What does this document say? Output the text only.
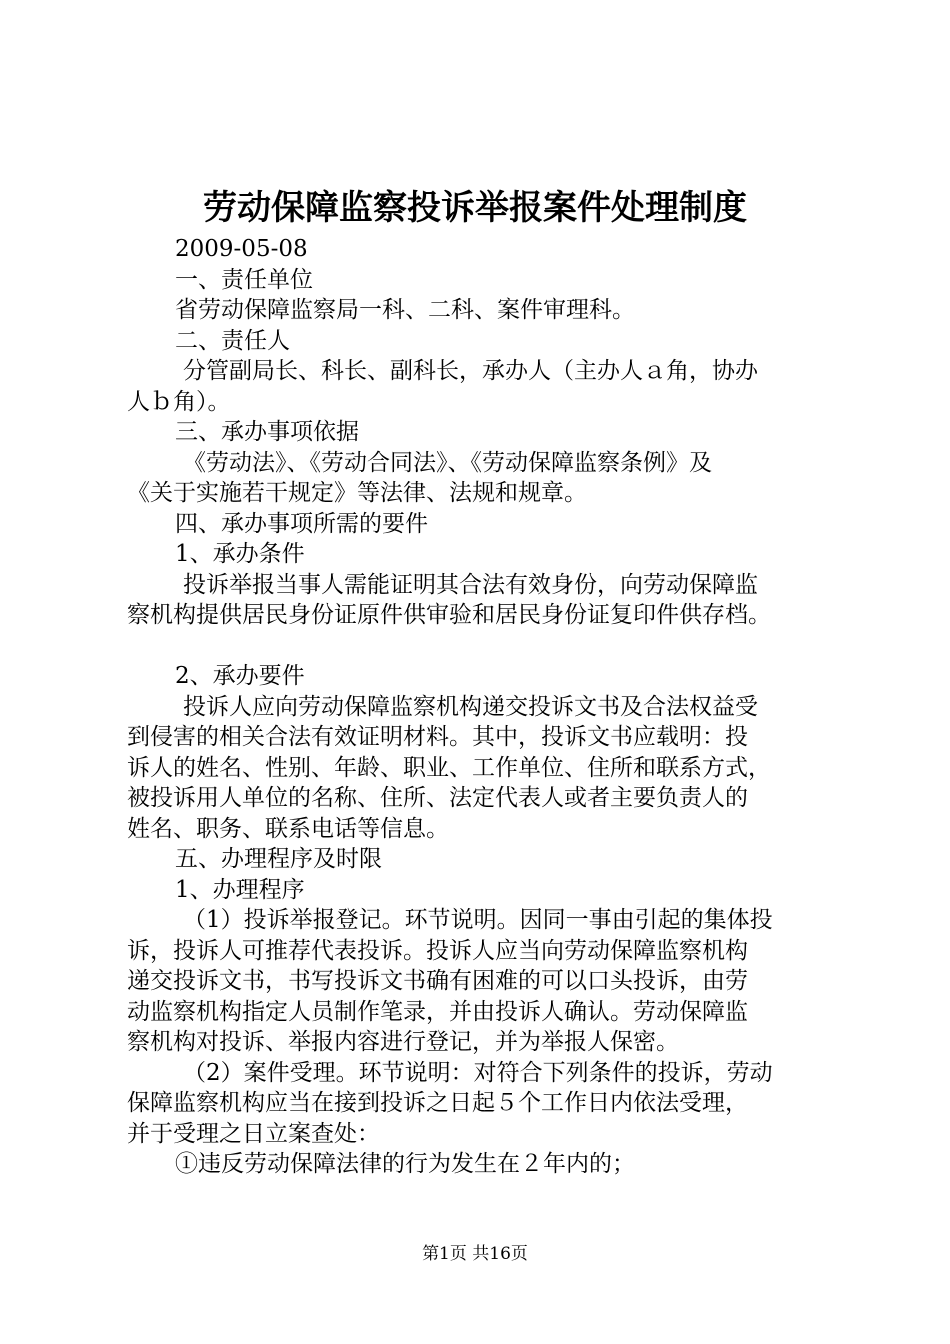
劳动保障监察投诉举报案件处理制度
2009-05-08
一、责任单位
省劳动保障监察局一科、二科、案件审理科。
二、责任人
分管副局长、科长、副科长，承办人（主办人ａ角，协办
人ｂ角）。
三、承办事项依据
《劳动法》、《劳动合同法》、《劳动保障监察条例》及
《关于实施若干规定》等法律、法规和规章。
四、承办事项所需的要件
1、承办条件
投诉举报当事人需能证明其合法有效身份，向劳动保障监
察机构提供居民身份证原件供审验和居民身份证复印件供存档。
2、承办要件
投诉人应向劳动保障监察机构递交投诉文书及合法权益受
到侵害的相关合法有效证明材料。其中，投诉文书应载明：投
诉人的姓名、性别、年龄、职业、工作单位、住所和联系方式，
被投诉用人单位的名称、住所、法定代表人或者主要负责人的
姓名、职务、联系电话等信息。
五、办理程序及时限
1、办理程序
（1）投诉举报登记。环节说明。因同一事由引起的集体投
诉，投诉人可推荐代表投诉。投诉人应当向劳动保障监察机构
递交投诉文书，书写投诉文书确有困难的可以口头投诉，由劳
动监察机构指定人员制作笔录，并由投诉人确认。劳动保障监
察机构对投诉、举报内容进行登记，并为举报人保密。
（2）案件受理。环节说明：对符合下列条件的投诉，劳动
保障监察机构应当在接到投诉之日起５个工作日内依法受理，
并于受理之日立案查处：
①违反劳动保障法律的行为发生在２年内的；
第1页 共16页
